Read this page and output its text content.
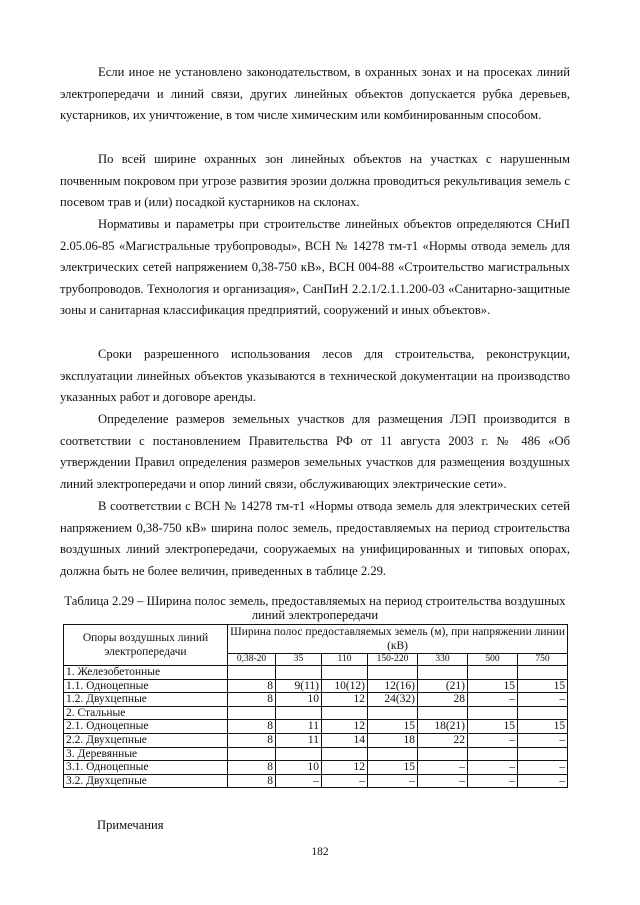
Если иное не установлено законодательством, в охранных зонах и на просеках линий электропередачи и линий связи, других линейных объектов допускается рубка деревьев, кустарников, их уничтожение, в том числе химическим или комбинированным способом.

По всей ширине охранных зон линейных объектов на участках с нарушенным почвенным покровом при угрозе развития эрозии должна проводиться рекультивация земель с посевом трав и (или) посадкой кустарников на склонах.

Нормативы и параметры при строительстве линейных объектов определяются СНиП 2.05.06-85 «Магистральные трубопроводы», ВСН № 14278 тм-т1 «Нормы отвода земель для электрических сетей напряжением 0,38-750 кВ», ВСН 004-88 «Строительство магистральных трубопроводов. Технология и организация», СанПиН 2.2.1/2.1.1.200-03 «Санитарно-защитные зоны и санитарная классификация предприятий, сооружений и иных объектов».

Сроки разрешенного использования лесов для строительства, реконструкции, эксплуатации линейных объектов указываются в технической документации на производство указанных работ и договоре аренды.

Определение размеров земельных участков для размещения ЛЭП производится в соответствии с постановлением Правительства РФ от 11 августа 2003 г. № 486 «Об утверждении Правил определения размеров земельных участков для размещения воздушных линий электропередачи и опор линий связи, обслуживающих электрические сети».

В соответствии с ВСН № 14278 тм-т1 «Нормы отвода земель для электрических сетей напряжением 0,38-750 кВ» ширина полос земель, предоставляемых на период строительства воздушных линий электропередачи, сооружаемых на унифицированных и типовых опорах, должна быть не более величин, приведенных в таблице 2.29.

Таблица 2.29 – Ширина полос земель, предоставляемых на период строительства воздушных линий электропередачи

Опоры воздушных линий электропередачи	Ширина полос предоставляемых земель (м), при напряжении линии (кВ)						
	0,38-20	35	110	150-220	330	500	750
1. Железобетонные							
1.1. Одноцепные	8	9(11)	10(12)	12(16)	(21)	15	15
1.2. Двухцепные	8	10	12	24(32)	28	–	–
2. Стальные							
2.1. Одноцепные	8	11	12	15	18(21)	15	15
2.2. Двухцепные	8	11	14	18	22	–	–
3. Деревянные							
3.1. Одноцепные	8	10	12	15	–	–	–
3.2. Двухцепные	8	–	–	–	–	–	–

Примечания

182
